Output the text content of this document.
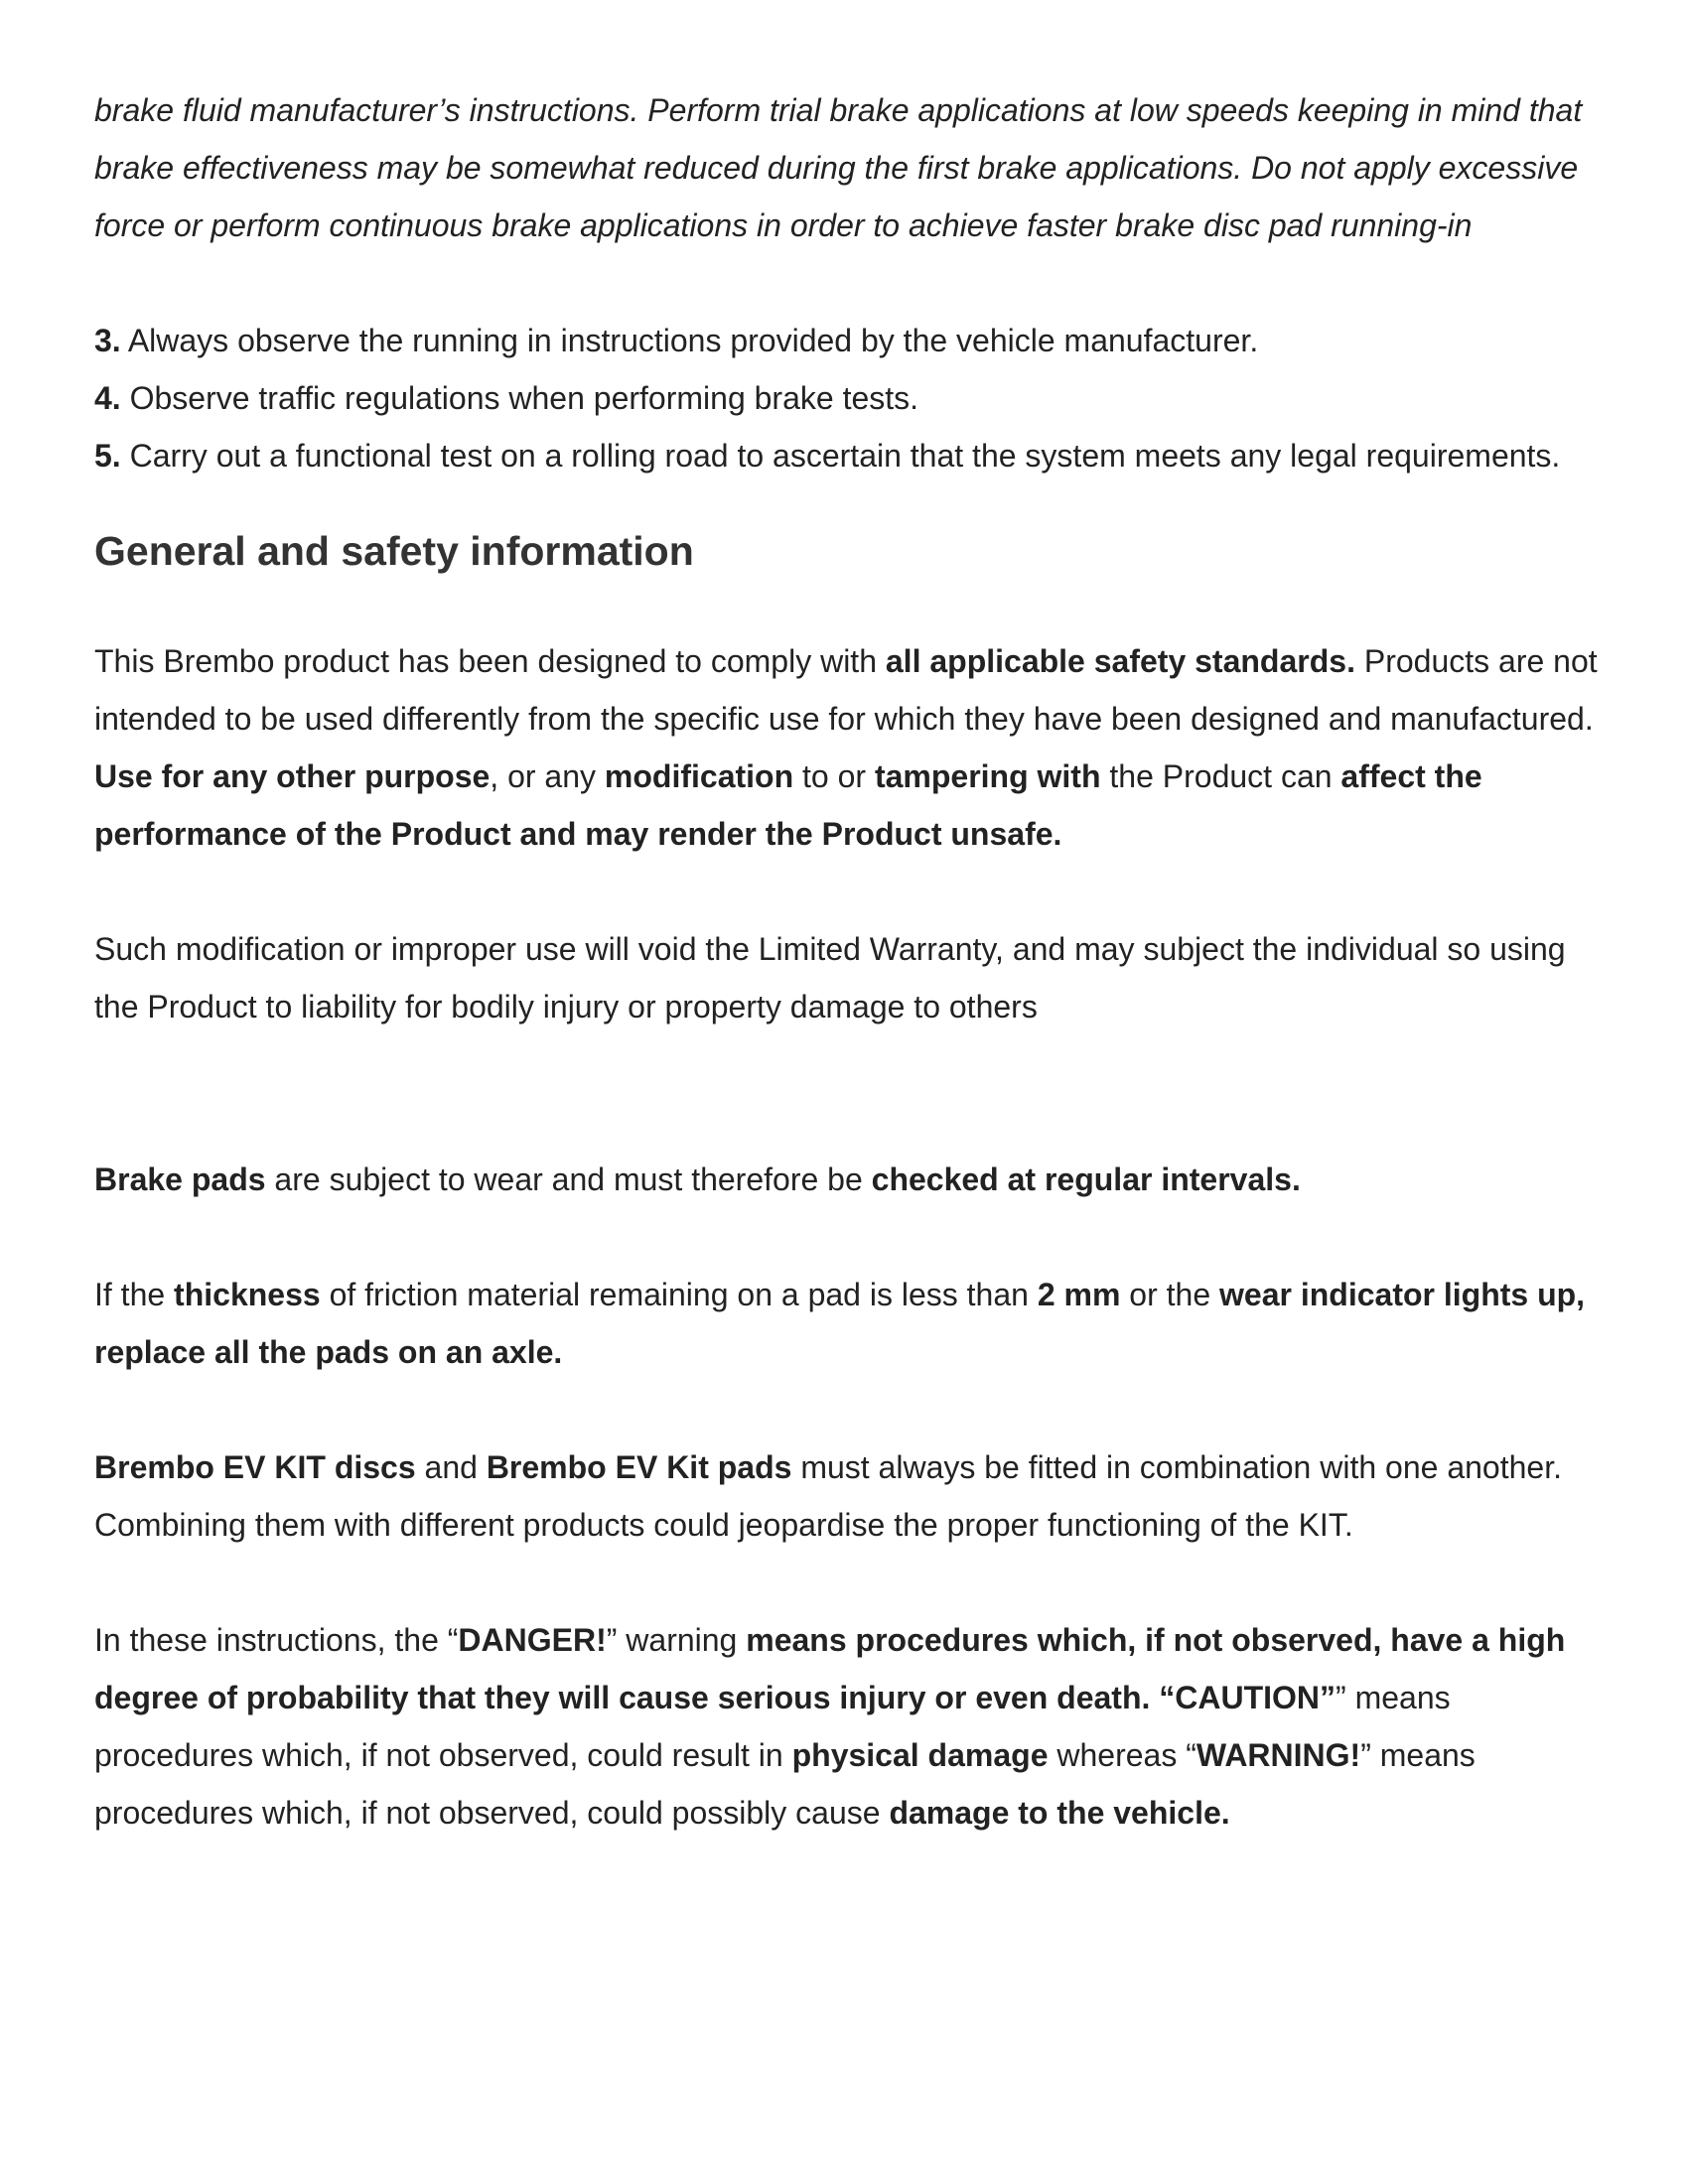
brake fluid manufacturer’s instructions. Perform trial brake applications at low speeds keeping in mind that brake effectiveness may be somewhat reduced during the first brake applications. Do not apply excessive force or perform continuous brake applications in order to achieve faster brake disc pad running-in

3. Always observe the running in instructions provided by the vehicle manufacturer.

4. Observe traffic regulations when performing brake tests.

5. Carry out a functional test on a rolling road to ascertain that the system meets any legal requirements.

General and safety information

This Brembo product has been designed to comply with all applicable safety standards. Products are not intended to be used differently from the specific use for which they have been designed and manufactured. Use for any other purpose, or any modification to or tampering with the Product can affect the performance of the Product and may render the Product unsafe.

Such modification or improper use will void the Limited Warranty, and may subject the individual so using the Product to liability for bodily injury or property damage to others

Brake pads are subject to wear and must therefore be checked at regular intervals.

If the thickness of friction material remaining on a pad is less than 2 mm or the wear indicator lights up, replace all the pads on an axle.

Brembo EV KIT discs and Brembo EV Kit pads must always be fitted in combination with one another. Combining them with different products could jeopardise the proper functioning of the KIT.

In these instructions, the “DANGER!” warning means procedures which, if not observed, have a high degree of probability that they will cause serious injury or even death. “CAUTION”” means procedures which, if not observed, could result in physical damage whereas “WARNING!” means procedures which, if not observed, could possibly cause damage to the vehicle.
